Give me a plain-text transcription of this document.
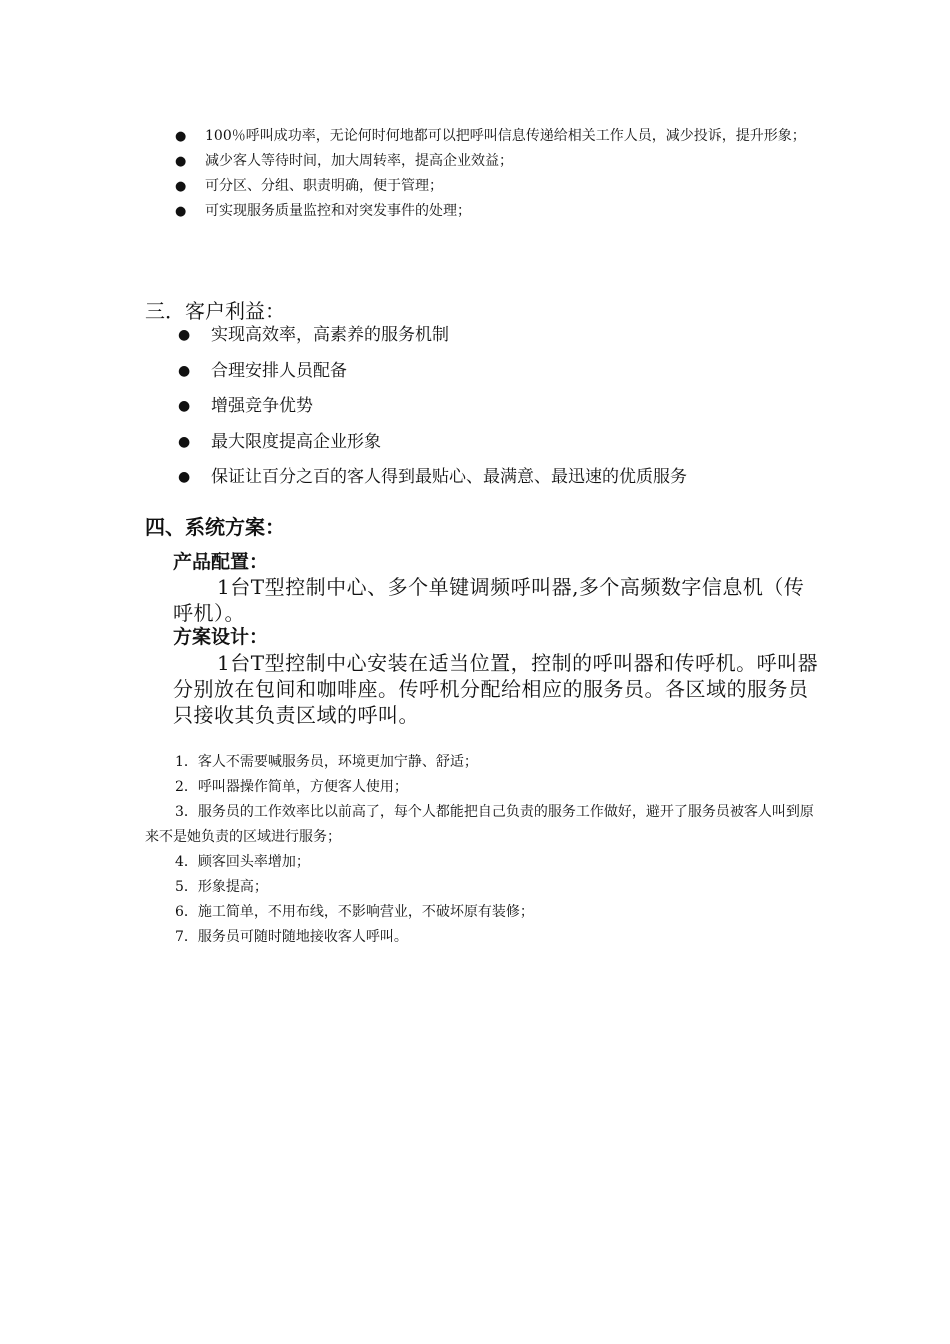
●	100％呼叫成功率，无论何时何地都可以把呼叫信息传递给相关工作人员，减少投诉，提升形象；
●	减少客人等待时间，加大周转率，提高企业效益；
●	可分区、分组、职责明确，便于管理；
●	可实现服务质量监控和对突发事件的处理；
三．客户利益：
●	实现高效率，高素养的服务机制
●	合理安排人员配备
●	增强竞争优势
●	最大限度提高企业形象
●	保证让百分之百的客人得到最贴心、最满意、最迅速的优质服务
四、系统方案：
产品配置：
1台T型控制中心、多个单键调频呼叫器,多个高频数字信息机（传呼机）。
方案设计：
1台T型控制中心安装在适当位置，控制的呼叫器和传呼机。呼叫器分别放在包间和咖啡座。传呼机分配给相应的服务员。各区域的服务员只接收其负责区域的呼叫。
1．客人不需要喊服务员，环境更加宁静、舒适；
2．呼叫器操作简单，方便客人使用；
3．服务员的工作效率比以前高了，每个人都能把自己负责的服务工作做好，避开了服务员被客人叫到原来不是她负责的区域进行服务；
4．顾客回头率增加；
5．形象提高；
6．施工简单，不用布线，不影响营业，不破坏原有装修；
7．服务员可随时随地接收客人呼叫。
